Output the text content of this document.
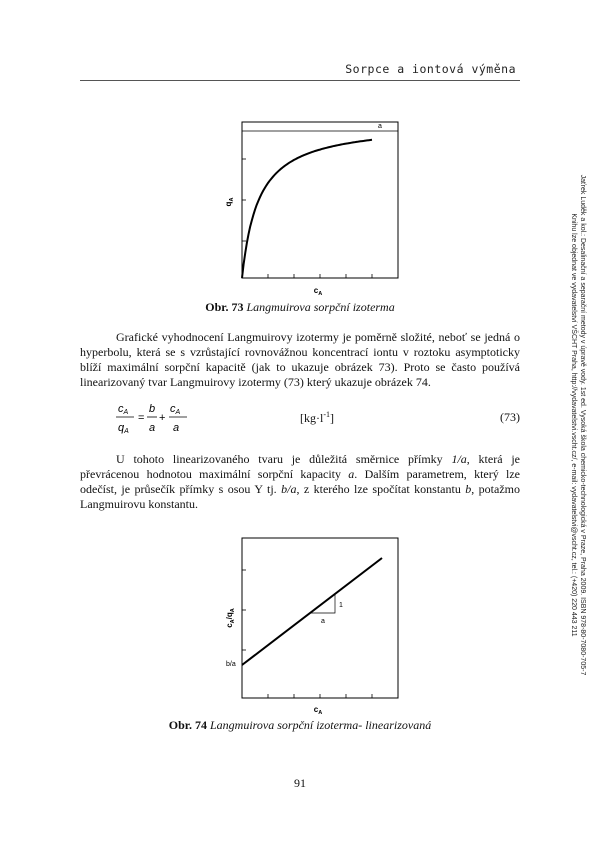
Sorpce a iontová výměna
Jaťrek Luděk a kol.: Desalinační a separační metody v úpravě vody. 1st ed. Vysoká škola chemicko-technologická v Praze, Praha 2009. ISBN 978-80-7080-705-7
Knihu lze objednat ve vydavatelství VŠCHT Praha, http://vydavatelstvi.vscht.cz/, e-mail: vydavatelstvi@vscht.cz, tel.: (+420) 220 443 211
a
$q_A$
$c_A$
Obr. 73 Langmuirova sorpční izoterma

Grafické vyhodnocení Langmuirovy izotermy je poměrně složité, neboť se jedná o hyperbolu, která se s vzrůstající rovnovážnou koncentrací iontu v roztoku asymptoticky blíží maximální sorpční kapacitě (jak to ukazuje obrázek 73). Proto se často používá linearizovaný tvar Langmuirovy izotermy (73) který ukazuje obrázek 74.

cA
qA
=
b
a
+
cA
a
$[kg\cdot l^{-1}]$	(73)

U tohoto linearizovaného tvaru je důležitá směrnice přímky 1/a, která je převrácenou hodnotou maximální sorpční kapacity a. Dalším parametrem, který lze odečíst, je průsečík přímky s osou Y tj. b/a, z kterého lze spočítat konstantu b, potažmo Langmuirovu konstantu.

1
a
b/a
$c_A/q_A$
$c_A$
Obr. 74 Langmuirova sorpční izoterma- linearizovaná
91
